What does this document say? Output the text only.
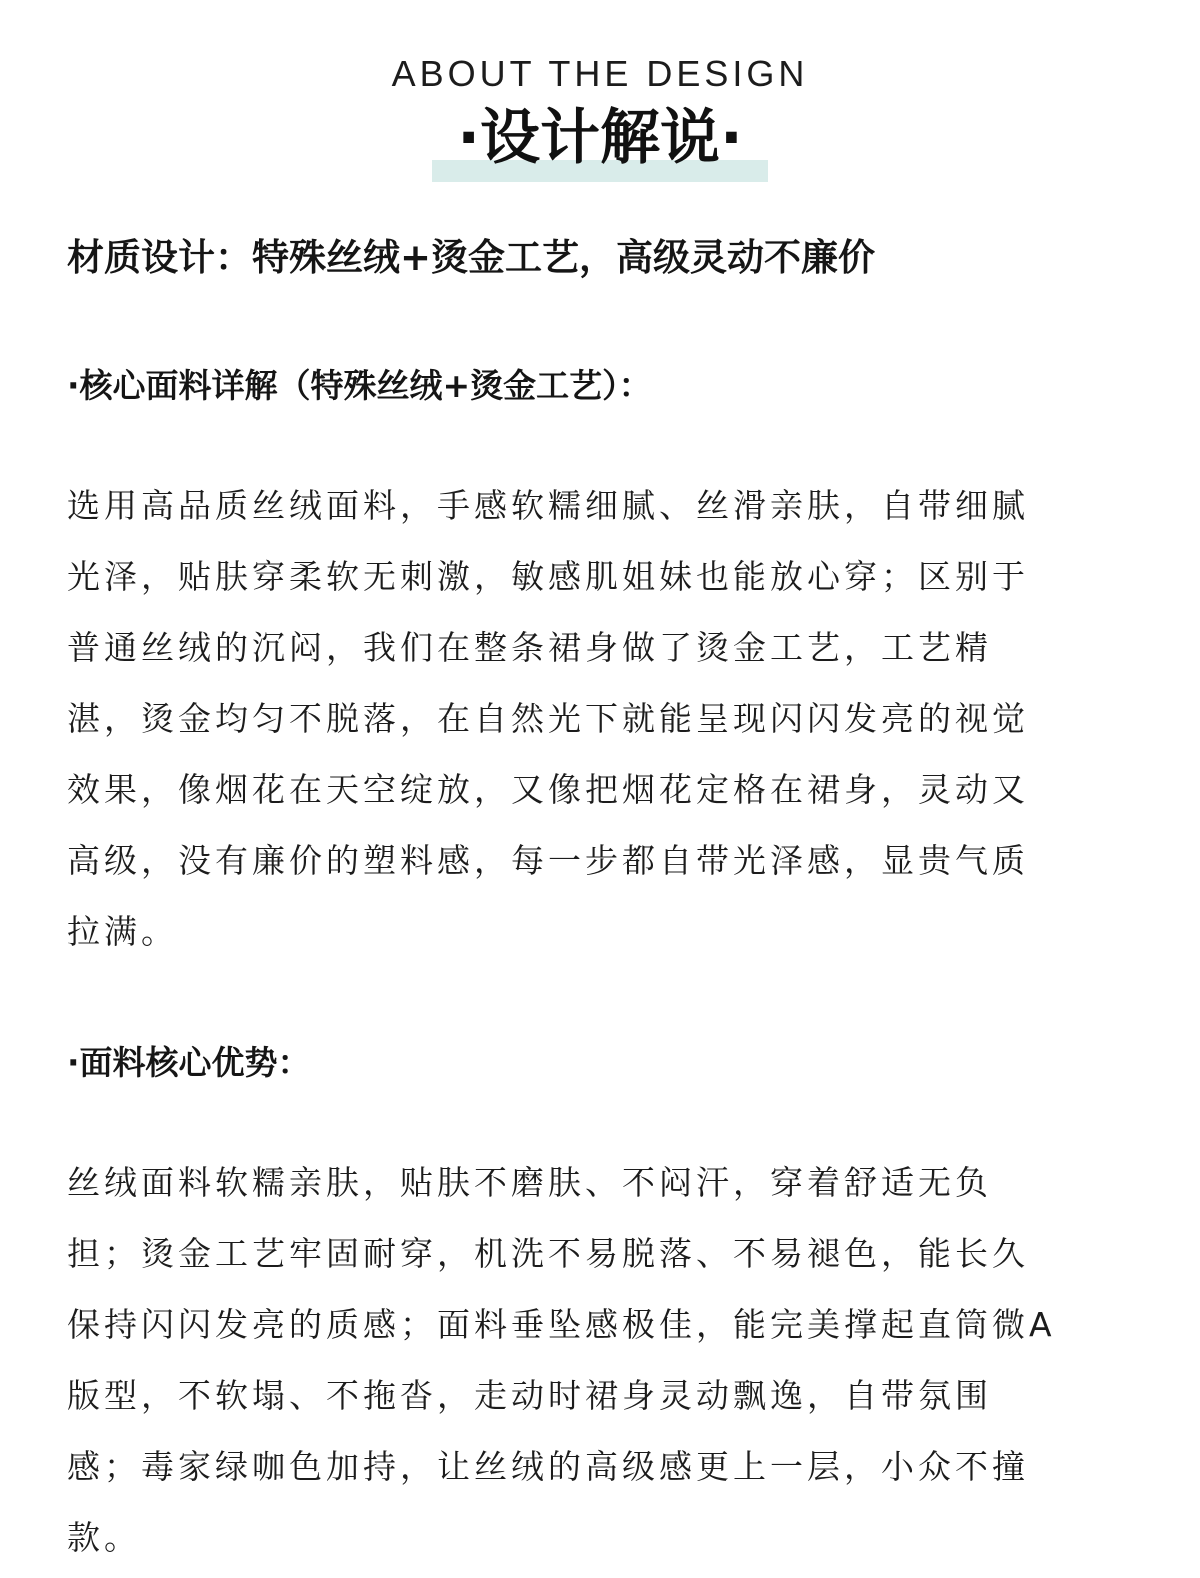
ABOUT THE DESIGN
·设计解说·
材质设计：特殊丝绒+烫金工艺，高级灵动不廉价
·核心面料详解（特殊丝绒+烫金工艺）：

选用高品质丝绒面料，手感软糯细腻、丝滑亲肤，自带细腻
光泽，贴肤穿柔软无刺激，敏感肌姐妹也能放心穿；区别于
普通丝绒的沉闷，我们在整条裙身做了烫金工艺，工艺精
湛，烫金均匀不脱落，在自然光下就能呈现闪闪发亮的视觉
效果，像烟花在天空绽放，又像把烟花定格在裙身，灵动又
高级，没有廉价的塑料感，每一步都自带光泽感，显贵气质
拉满。

·面料核心优势：

丝绒面料软糯亲肤，贴肤不磨肤、不闷汗，穿着舒适无负
担；烫金工艺牢固耐穿，机洗不易脱落、不易褪色，能长久
保持闪闪发亮的质感；面料垂坠感极佳，能完美撑起直筒微A
版型，不软塌、不拖沓，走动时裙身灵动飘逸，自带氛围
感；毒家绿咖色加持，让丝绒的高级感更上一层，小众不撞
款。
